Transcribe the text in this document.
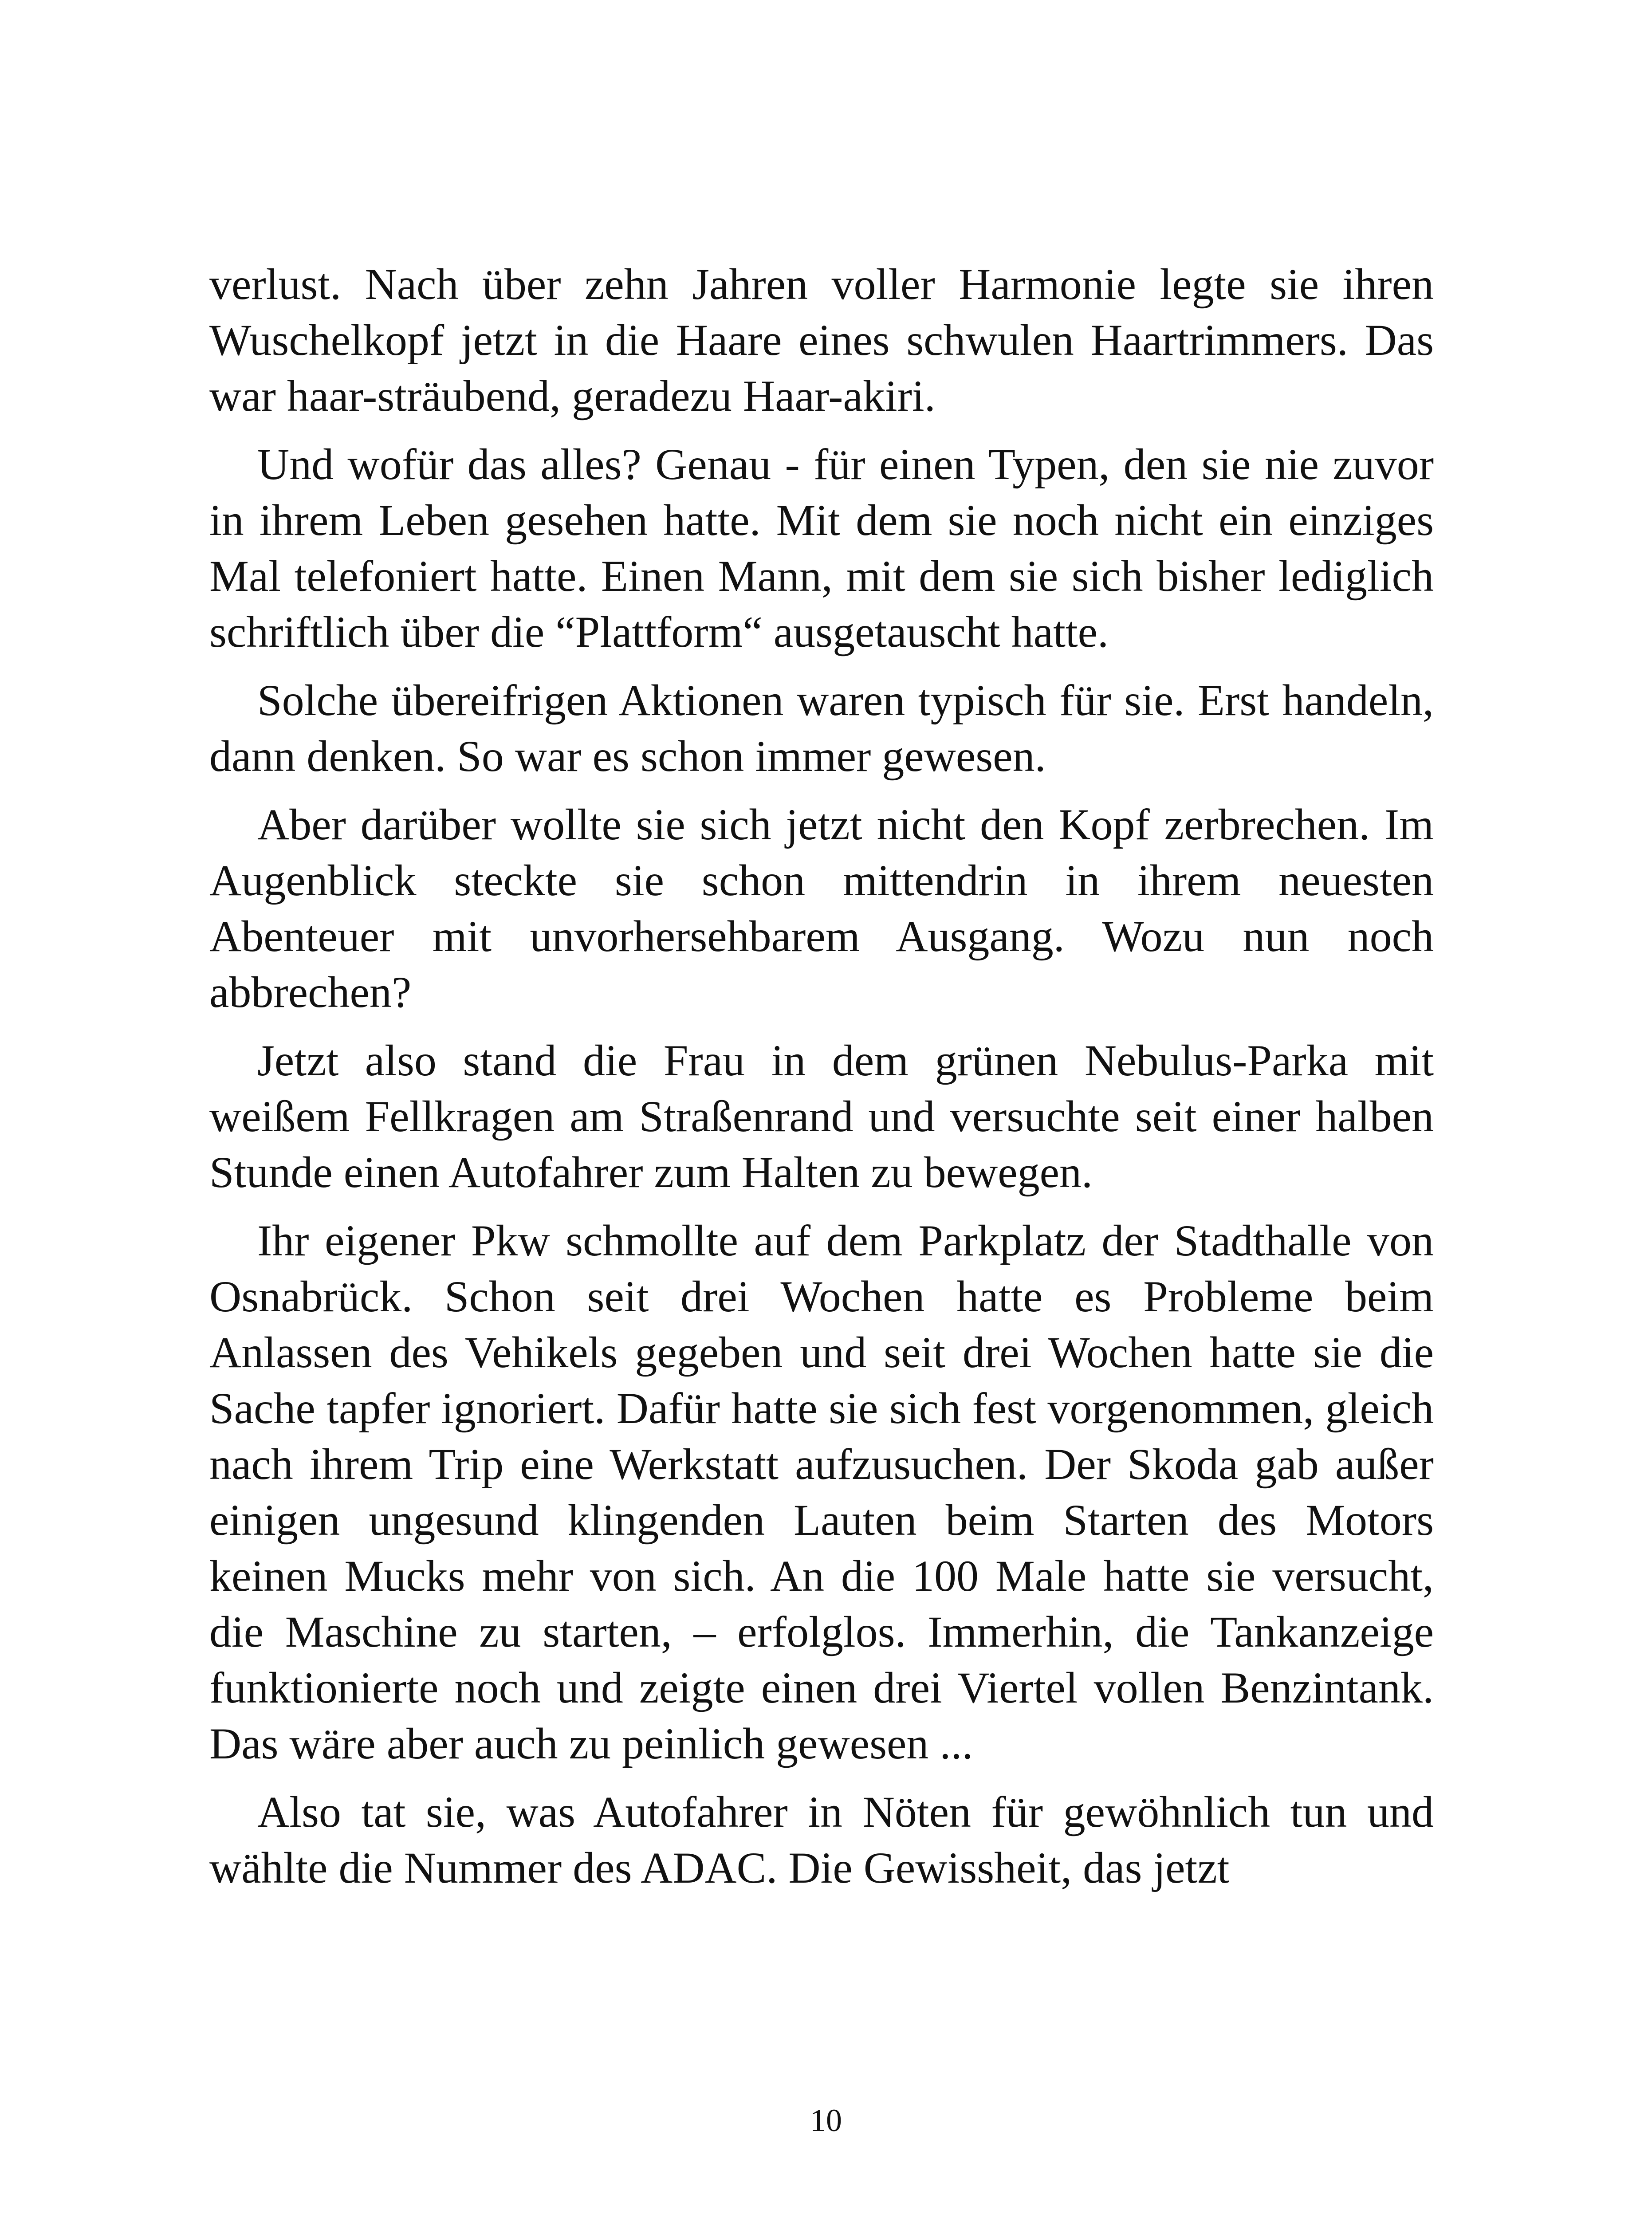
verlust. Nach über zehn Jahren voller Harmonie legte sie ihren Wuschelkopf jetzt in die Haare eines schwulen Haartrimmers. Das war haar-sträubend, geradezu Haar-akiri.

Und wofür das alles? Genau - für einen Typen, den sie nie zuvor in ihrem Leben gesehen hatte. Mit dem sie noch nicht ein einziges Mal telefoniert hatte. Einen Mann, mit dem sie sich bisher lediglich schriftlich über die “Plattform“ ausgetauscht hatte.

Solche übereifrigen Aktionen waren typisch für sie. Erst handeln, dann denken. So war es schon immer gewesen.

Aber darüber wollte sie sich jetzt nicht den Kopf zerbrechen. Im Augenblick steckte sie schon mittendrin in ihrem neuesten Abenteuer mit unvorhersehbarem Ausgang. Wozu nun noch abbrechen?

Jetzt also stand die Frau in dem grünen Nebulus-Parka mit weißem Fellkragen am Straßenrand und versuchte seit einer halben Stunde einen Autofahrer zum Halten zu bewegen.

Ihr eigener Pkw schmollte auf dem Parkplatz der Stadthalle von Osnabrück. Schon seit drei Wochen hatte es Probleme beim Anlassen des Vehikels gegeben und seit drei Wochen hatte sie die Sache tapfer ignoriert. Dafür hatte sie sich fest vorgenommen, gleich nach ihrem Trip eine Werkstatt aufzusuchen. Der Skoda gab außer einigen ungesund klingenden Lauten beim Starten des Motors keinen Mucks mehr von sich. An die 100 Male hatte sie versucht, die Maschine zu starten, – erfolglos. Immerhin, die Tankanzeige funktionierte noch und zeigte einen drei Viertel vollen Benzintank. Das wäre aber auch zu peinlich gewesen ...

Also tat sie, was Autofahrer in Nöten für gewöhnlich tun und wählte die Nummer des ADAC. Die Gewissheit, das jetzt

10
